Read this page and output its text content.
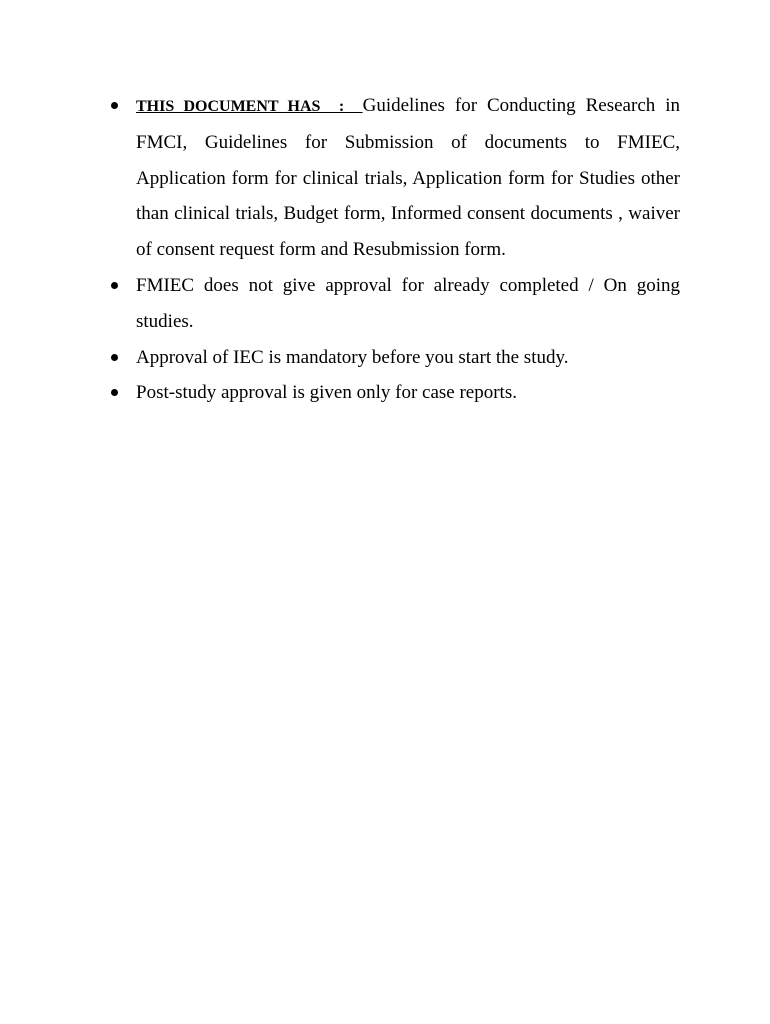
THIS DOCUMENT HAS  :  Guidelines for Conducting Research in FMCI, Guidelines for Submission of documents to FMIEC, Application form for clinical trials, Application form for Studies other than clinical trials, Budget form, Informed consent documents , waiver of consent request form and Resubmission form.
FMIEC does not give approval for already completed / On going studies.
Approval of IEC is mandatory before you start the study.
Post-study approval is given only for case reports.
